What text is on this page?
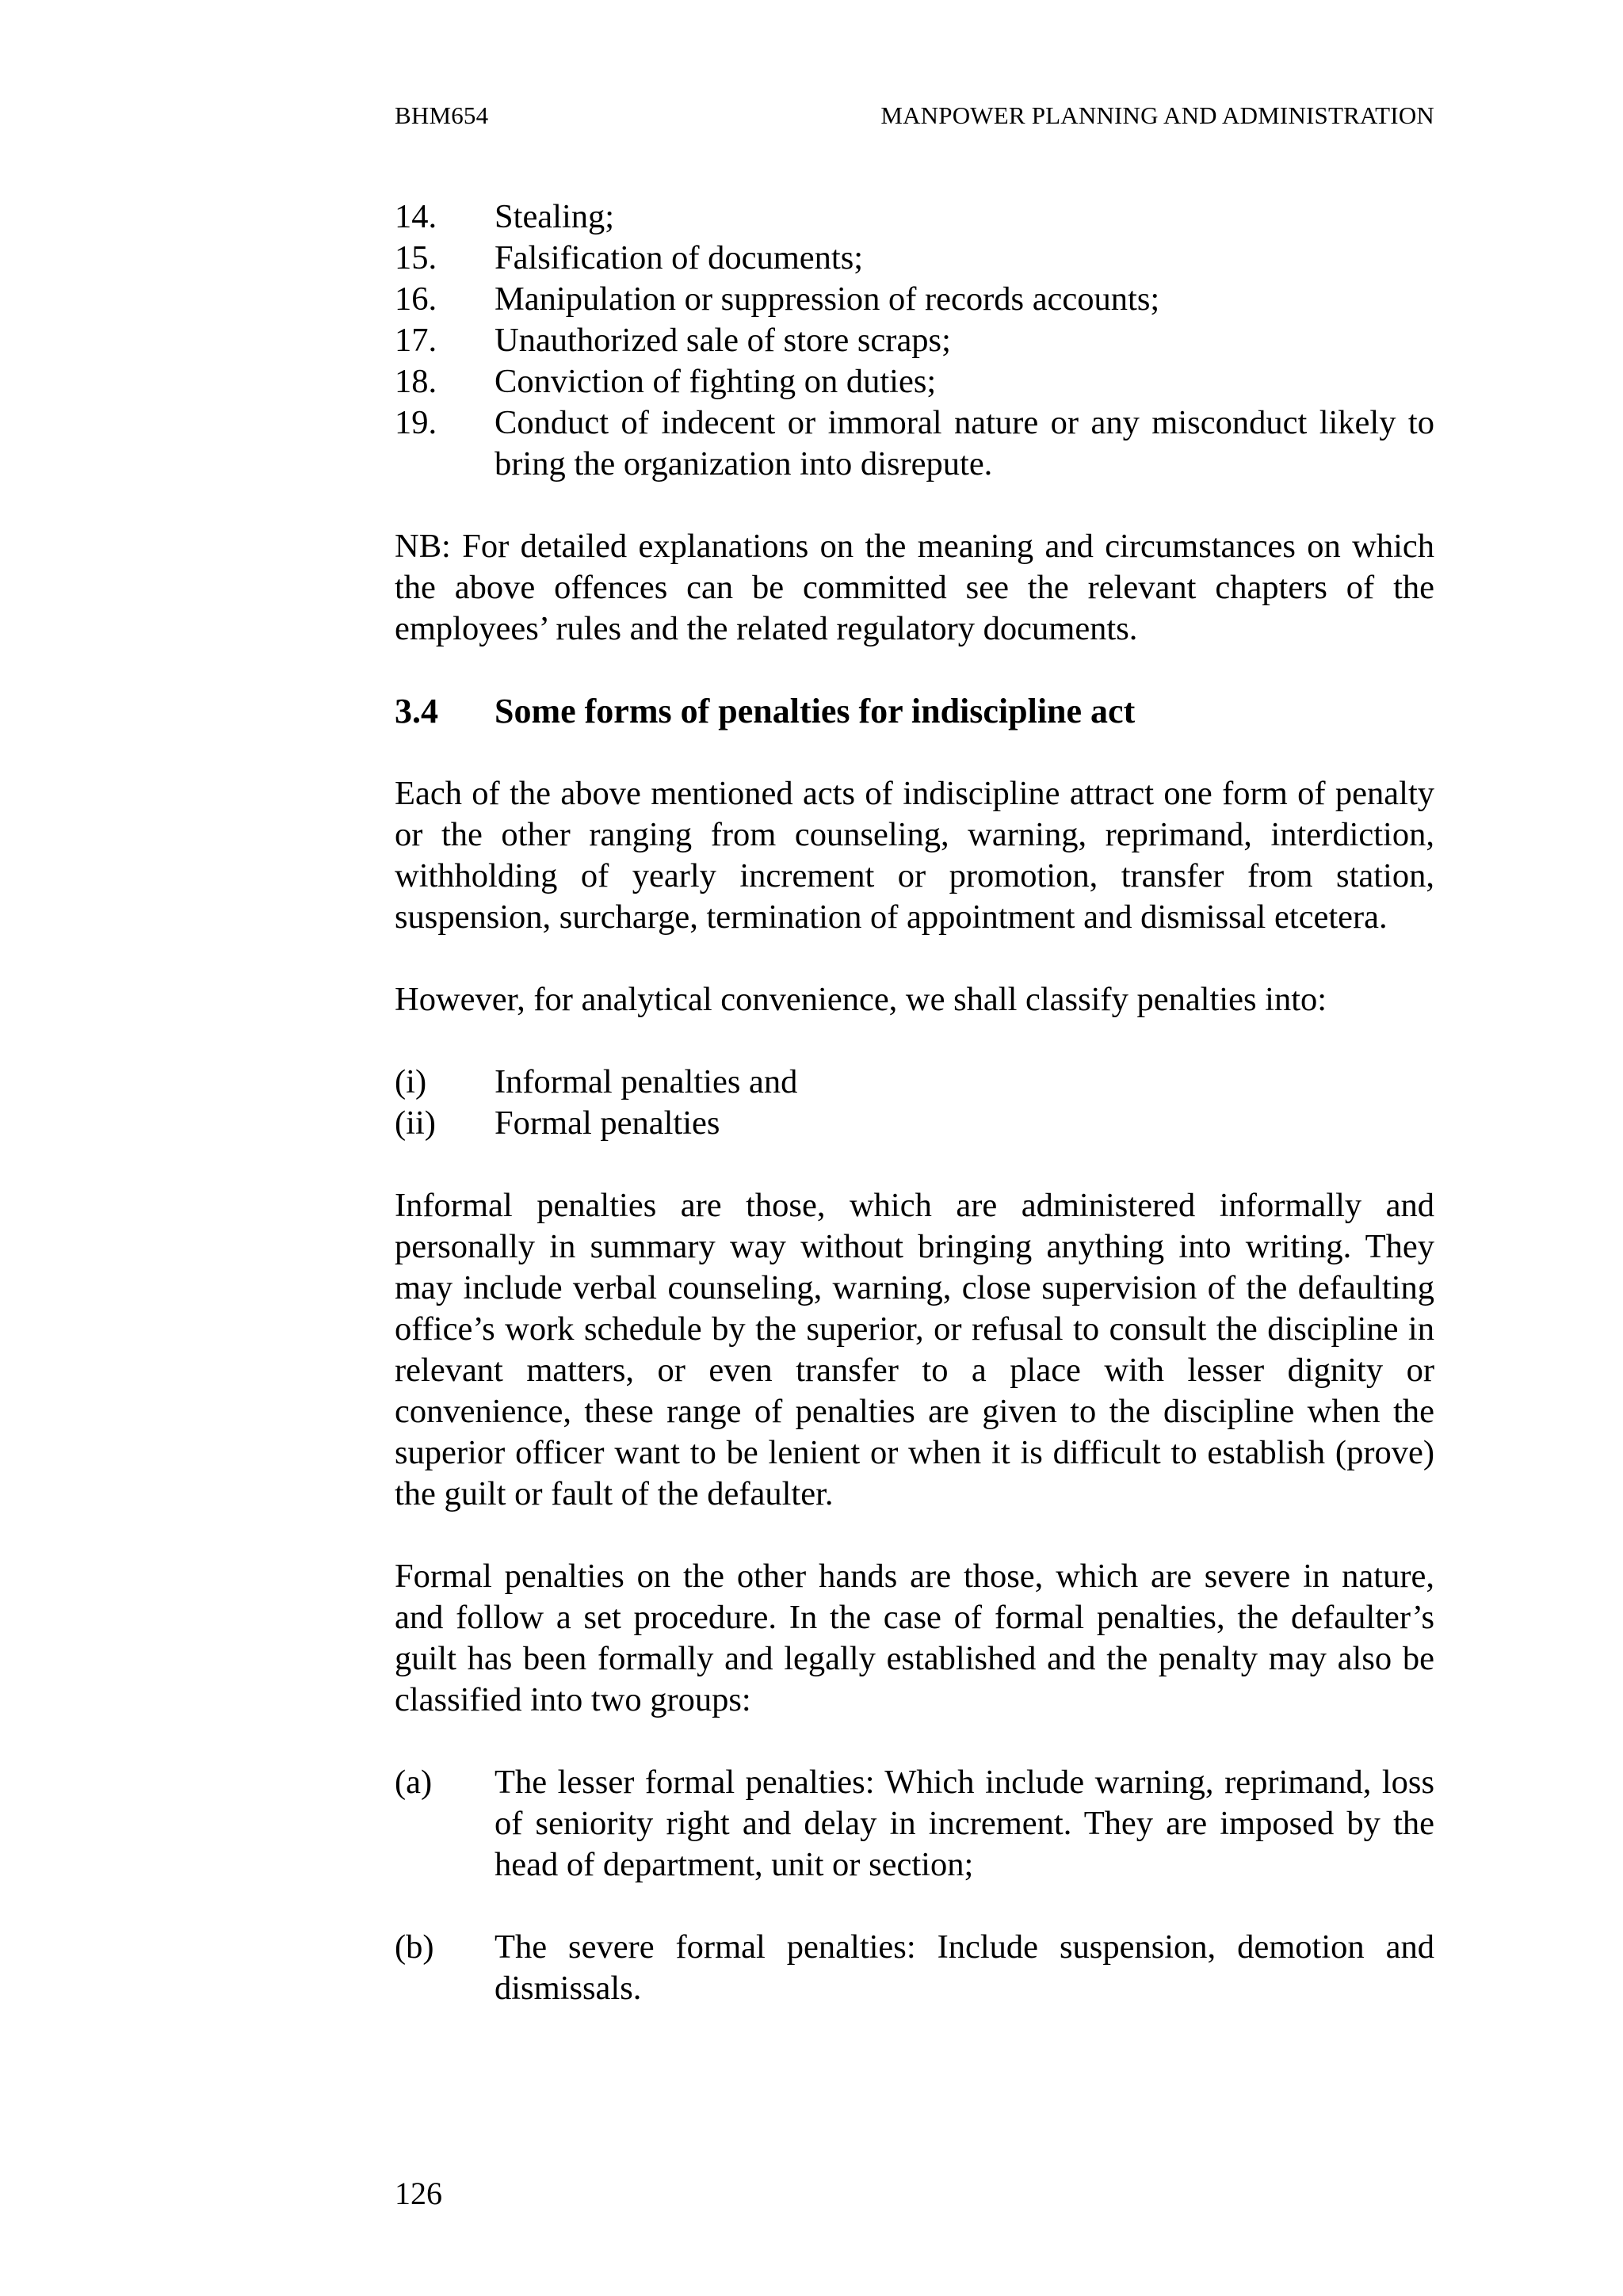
BHM654	MANPOWER PLANNING AND ADMINISTRATION
14.	Stealing;
15.	Falsification of documents;
16.	Manipulation or suppression of records accounts;
17.	Unauthorized sale of store scraps;
18.	Conviction of fighting on duties;
19.	Conduct of indecent or immoral nature or any misconduct likely to bring the organization into disrepute.

NB: For detailed explanations on the meaning and circumstances on which the above offences can be committed see the relevant chapters of the employees’ rules and the related regulatory documents.

3.4	Some forms of penalties for indiscipline act

Each of the above mentioned acts of indiscipline attract one form of penalty or the other ranging from counseling, warning, reprimand, interdiction, withholding of yearly increment or promotion, transfer from station, suspension, surcharge, termination of appointment and dismissal etcetera.

However, for analytical convenience, we shall classify penalties into:

(i)	Informal penalties and
(ii)	Formal penalties

Informal penalties are those, which are administered informally and personally in summary way without bringing anything into writing. They may include verbal counseling, warning, close supervision of the defaulting office’s work schedule by the superior, or refusal to consult the discipline in relevant matters, or even transfer to a place with lesser dignity or convenience, these range of penalties are given to the discipline when the superior officer want to be lenient or when it is difficult to establish (prove) the guilt or fault of the defaulter.

Formal penalties on the other hands are those, which are severe in nature, and follow a set procedure. In the case of formal penalties, the defaulter’s guilt has been formally and legally established and the penalty may also be classified into two groups:

(a)	The lesser formal penalties: Which include warning, reprimand, loss of seniority right and delay in increment. They are imposed by the head of department, unit or section;
(b)	The severe formal penalties: Include suspension, demotion and dismissals.
126
